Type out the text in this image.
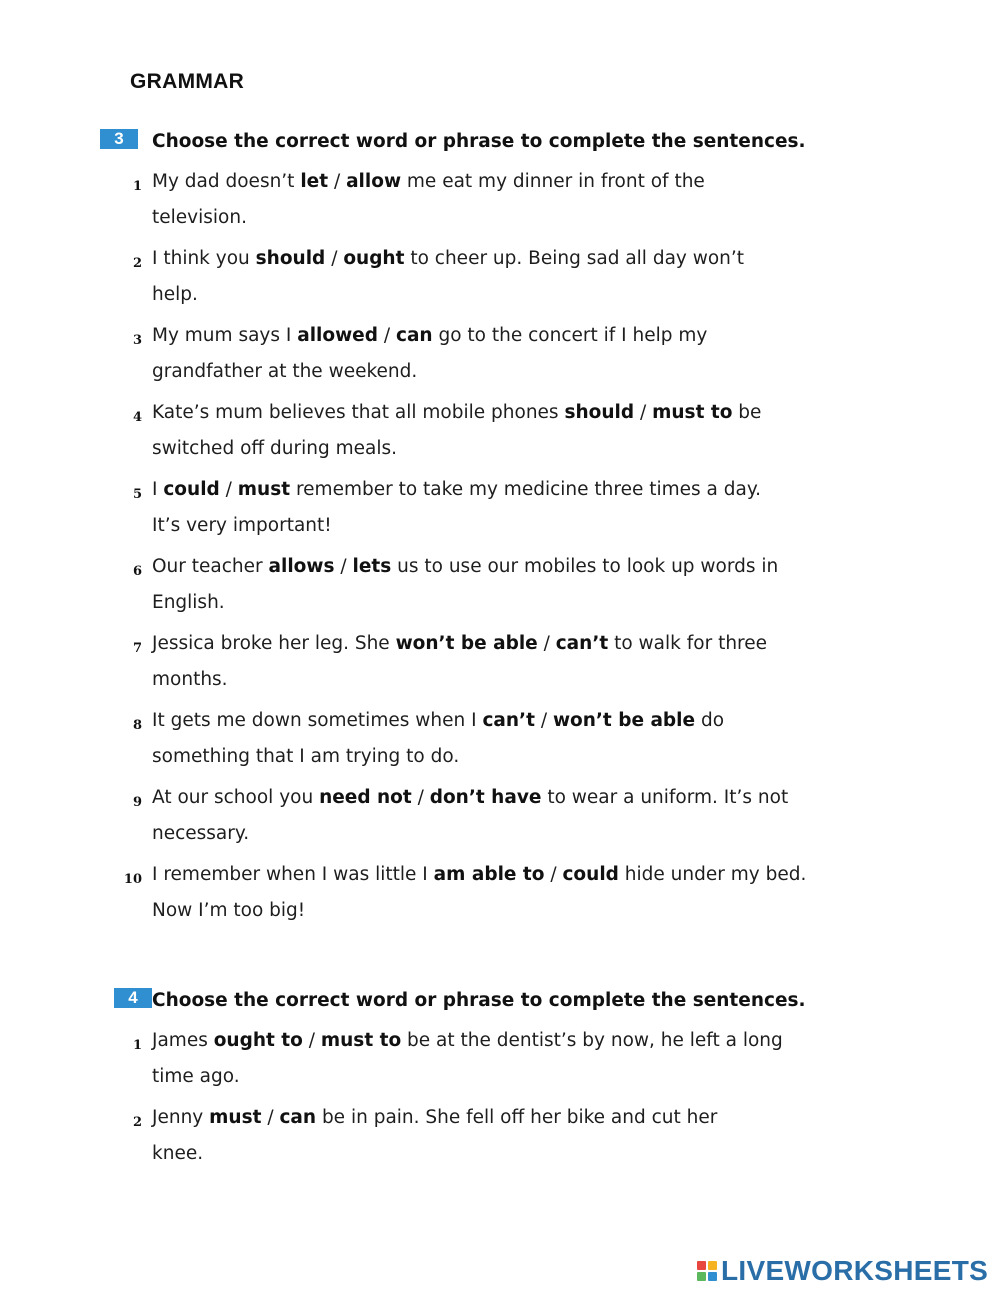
GRAMMAR
3	Choose the correct word or phrase to complete the sentences.
1 My dad doesn’t let / allow me eat my dinner in front of the
television.
2 I think you should / ought to cheer up. Being sad all day won’t
help.
3 My mum says I allowed / can go to the concert if I help my
grandfather at the weekend.
4 Kate’s mum believes that all mobile phones should / must to be
switched off during meals.
5 I could / must remember to take my medicine three times a day.
It’s very important!
6 Our teacher allows / lets us to use our mobiles to look up words in
English.
7 Jessica broke her leg. She won’t be able / can’t to walk for three
months.
8 It gets me down sometimes when I can’t / won’t be able do
something that I am trying to do.
9 At our school you need not / don’t have to wear a uniform. It’s not
necessary.
10 I remember when I was little I am able to / could hide under my bed.
Now I’m too big!
4 Choose the correct word or phrase to complete the sentences.
1 James ought to / must to be at the dentist’s by now, he left a long
time ago.
2 Jenny must / can be in pain. She fell off her bike and cut her
knee.
LIVEWORKSHEETS
